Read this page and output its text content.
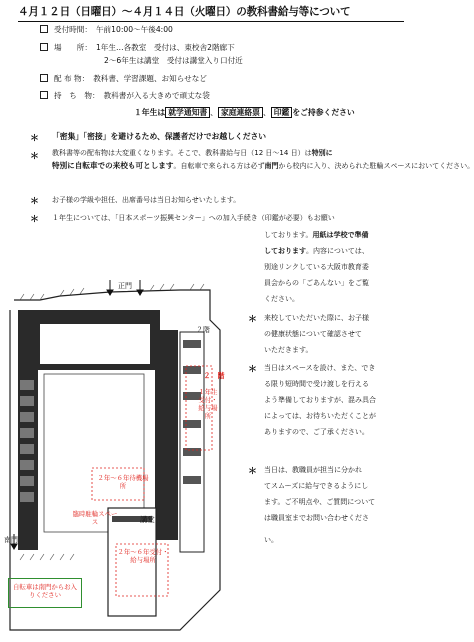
４月１２日（日曜日）～４月１４日（火曜日）の教科書給与等について
受付時間： 午前10:00～午後4:00
場　　所： 1年生…各教室　受付は、東校舎2階廊下
2～6年生は講堂　受付は講堂入り口付近
配 布 物： 教科書、学習課題、お知らせなど
持　ち　物： 教科書が入る大きめで頑丈な袋
１年生は 就学通知書 、 家庭連絡票 、 印鑑 をご持参ください
＊ 「密集」「密接」を避けるため、保護者だけでお越しください
＊ 教科書等の配布物は大変重くなります。そこで、教科書給与日（12 日～14 日）は特別に
特別に自転車での来校も可とします。自転車で来られる方は必ず南門から校内に入り、決められた駐輪スペースにおいてください。
＊ お子様の学級や担任、出席番号は当日お知らせいたします。
＊ １年生については、「日本スポーツ振興センター」への加入手続き（印鑑が必要）もお願い
しております。用紙は学校で準備
しております。内容については、
別途リンクしている大阪市教育委
員会からの「ごあんない」をご覧
ください。
＊ 来校していただいた際に、お子様
の健康状態について確認させて
いただきます。
＊ 当日はスペースを設け、また、でき
る限り短時間で受け渡しを行える
よう準備しておりますが、混み具合
によっては、お待ちいただくことが
ありますので、ご了承ください。
＊ 当日は、教職員が担当に分かれ
てスムーズに給与できるようにし
ます。ご不明点や、ご質問について
は職員室までお問い合わせくださ
い。
正門
２階
２　階
１年生受付・給与場所
２年～６年待機場所
臨時駐輪スペース	講堂
２年～６年受付・給与場所
南門
自転車は南門からお入りください
